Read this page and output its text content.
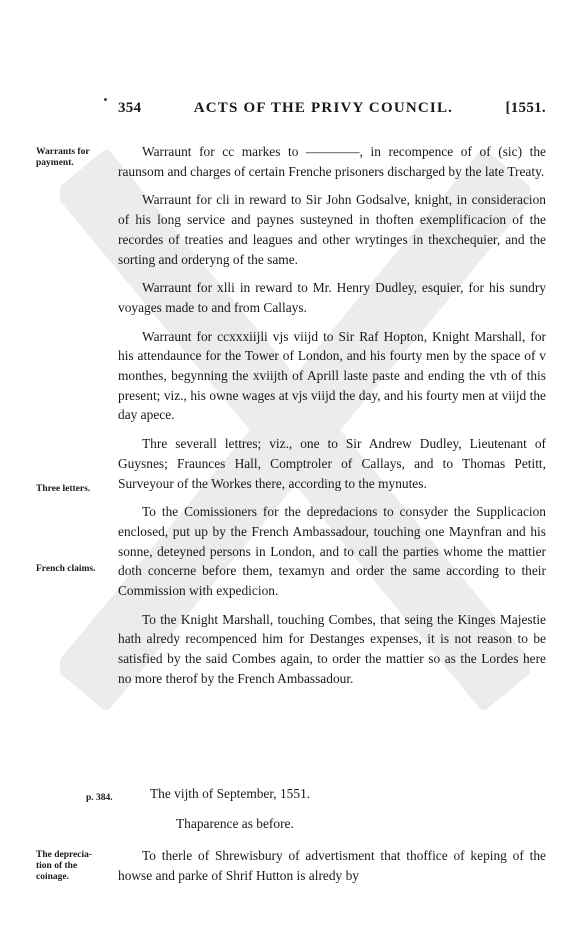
354	ACTS OF THE PRIVY COUNCIL.	[1551.
Warrants for payment.
Three letters.
French claims.
p. 384.
The deprecia-tion of the coinage.

Warraunt for cc markes to ————, in recompence of of (sic) the raunsom and charges of certain Frenche prisoners discharged by the late Treaty.

Warraunt for cli in reward to Sir John Godsalve, knight, in consideracion of his long service and paynes susteyned in thoften exemplificacion of the recordes of treaties and leagues and other wrytinges in thexchequier, and the sorting and orderyng of the same.

Warraunt for xlli in reward to Mr. Henry Dudley, esquier, for his sundry voyages made to and from Callays.

Warraunt for ccxxxiijli vjs viijd to Sir Raf Hopton, Knight Marshall, for his attendaunce for the Tower of London, and his fourty men by the space of v monthes, begynning the xviijth of Aprill laste paste and ending the vth of this present; viz., his owne wages at vjs viijd the day, and his fourty men at viijd the day apece.

Thre severall lettres; viz., one to Sir Andrew Dudley, Lieutenant of Guysnes; Fraunces Hall, Comptroler of Callays, and to Thomas Petitt, Surveyour of the Workes there, according to the mynutes.

To the Comissioners for the depredacions to consyder the Supplicacion enclosed, put up by the French Ambassadour, touching one Maynfran and his sonne, deteyned persons in London, and to call the parties whome the mattier doth concerne before them, texamyn and order the same according to their Commission with expedicion.

To the Knight Marshall, touching Combes, that seing the Kinges Majestie hath alredy recompenced him for Destanges expenses, it is not reason to be satisfied by the said Combes again, to order the mattier so as the Lordes here no more therof by the French Ambassadour.

The vijth of September, 1551.
Thaparence as before.

To therle of Shrewisbury of advertisment that thoffice of keping of the howse and parke of Shrif Hutton is alredy by
